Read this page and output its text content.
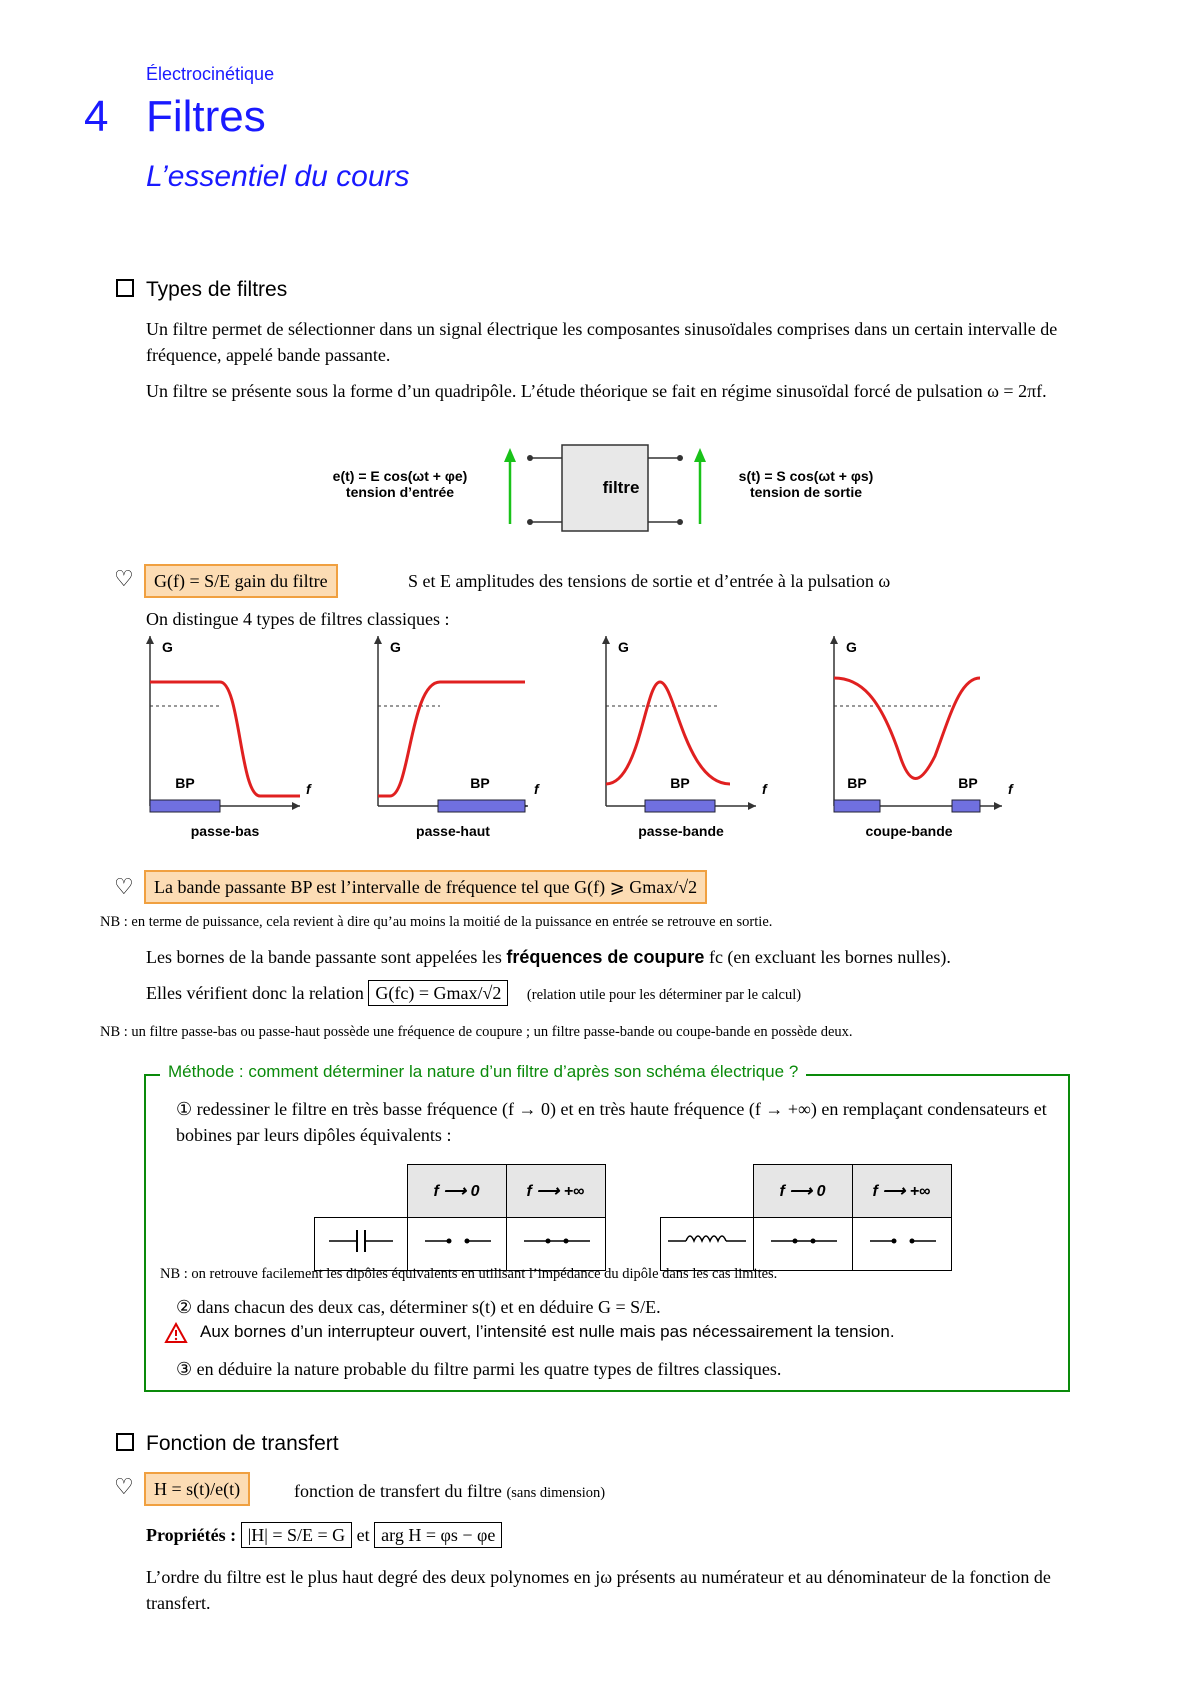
Électrocinétique
4 Filtres
L’essentiel du cours
Types de filtres
Un filtre permet de sélectionner dans un signal électrique les composantes sinusoïdales comprises dans un certain intervalle de fréquence, appelé bande passante.
Un filtre se présente sous la forme d’un quadripôle. L’étude théorique se fait en régime sinusoïdal forcé de pulsation ω = 2πf.
filtre
e(t) = E cos(ωt + φe)
tension d’entrée
s(t) = S cos(ωt + φs)
tension de sortie
♡	G(f) = S/E gain du filtre	S et E amplitudes des tensions de sortie et d’entrée à la pulsation ω
On distingue 4 types de filtres classiques :
BP
G
f
passe-bas
BP
G
f
passe-haut
BP
G
f
passe-bande
BP	BP
G
f
coupe-bande
♡	La bande passante BP est l’intervalle de fréquence tel que G(f) ⩾ Gmax/√2
NB : en terme de puissance, cela revient à dire qu’au moins la moitié de la puissance en entrée se retrouve en sortie.
Les bornes de la bande passante sont appelées les fréquences de coupure fc (en excluant les bornes nulles).
Elles vérifient donc la relation G(fc) = Gmax/√2 (relation utile pour les déterminer par le calcul)
NB : un filtre passe-bas ou passe-haut possède une fréquence de coupure ; un filtre passe-bande ou coupe-bande en possède deux.
Méthode : comment déterminer la nature d’un filtre d’après son schéma électrique ?
① redessiner le filtre en très basse fréquence (f → 0) et en très haute fréquence (f → +∞) en remplaçant condensateurs et bobines par leurs dipôles équivalents :
	f ⟶ 0	f ⟶ +∞

		f ⟶ 0	f ⟶ +∞

NB : on retrouve facilement les dipôles équivalents en utilisant l’impédance du dipôle dans les cas limites.
② dans chacun des deux cas, déterminer s(t) et en déduire G = S/E.
Aux bornes d’un interrupteur ouvert, l’intensité est nulle mais pas nécessairement la tension.
③ en déduire la nature probable du filtre parmi les quatre types de filtres classiques.
Fonction de transfert
♡	H = s(t)/e(t)	fonction de transfert du filtre (sans dimension)
Propriétés : |H| = S/E = G et arg H = φs − φe
L’ordre du filtre est le plus haut degré des deux polynomes en jω présents au numérateur et au dénominateur de la fonction de transfert.
